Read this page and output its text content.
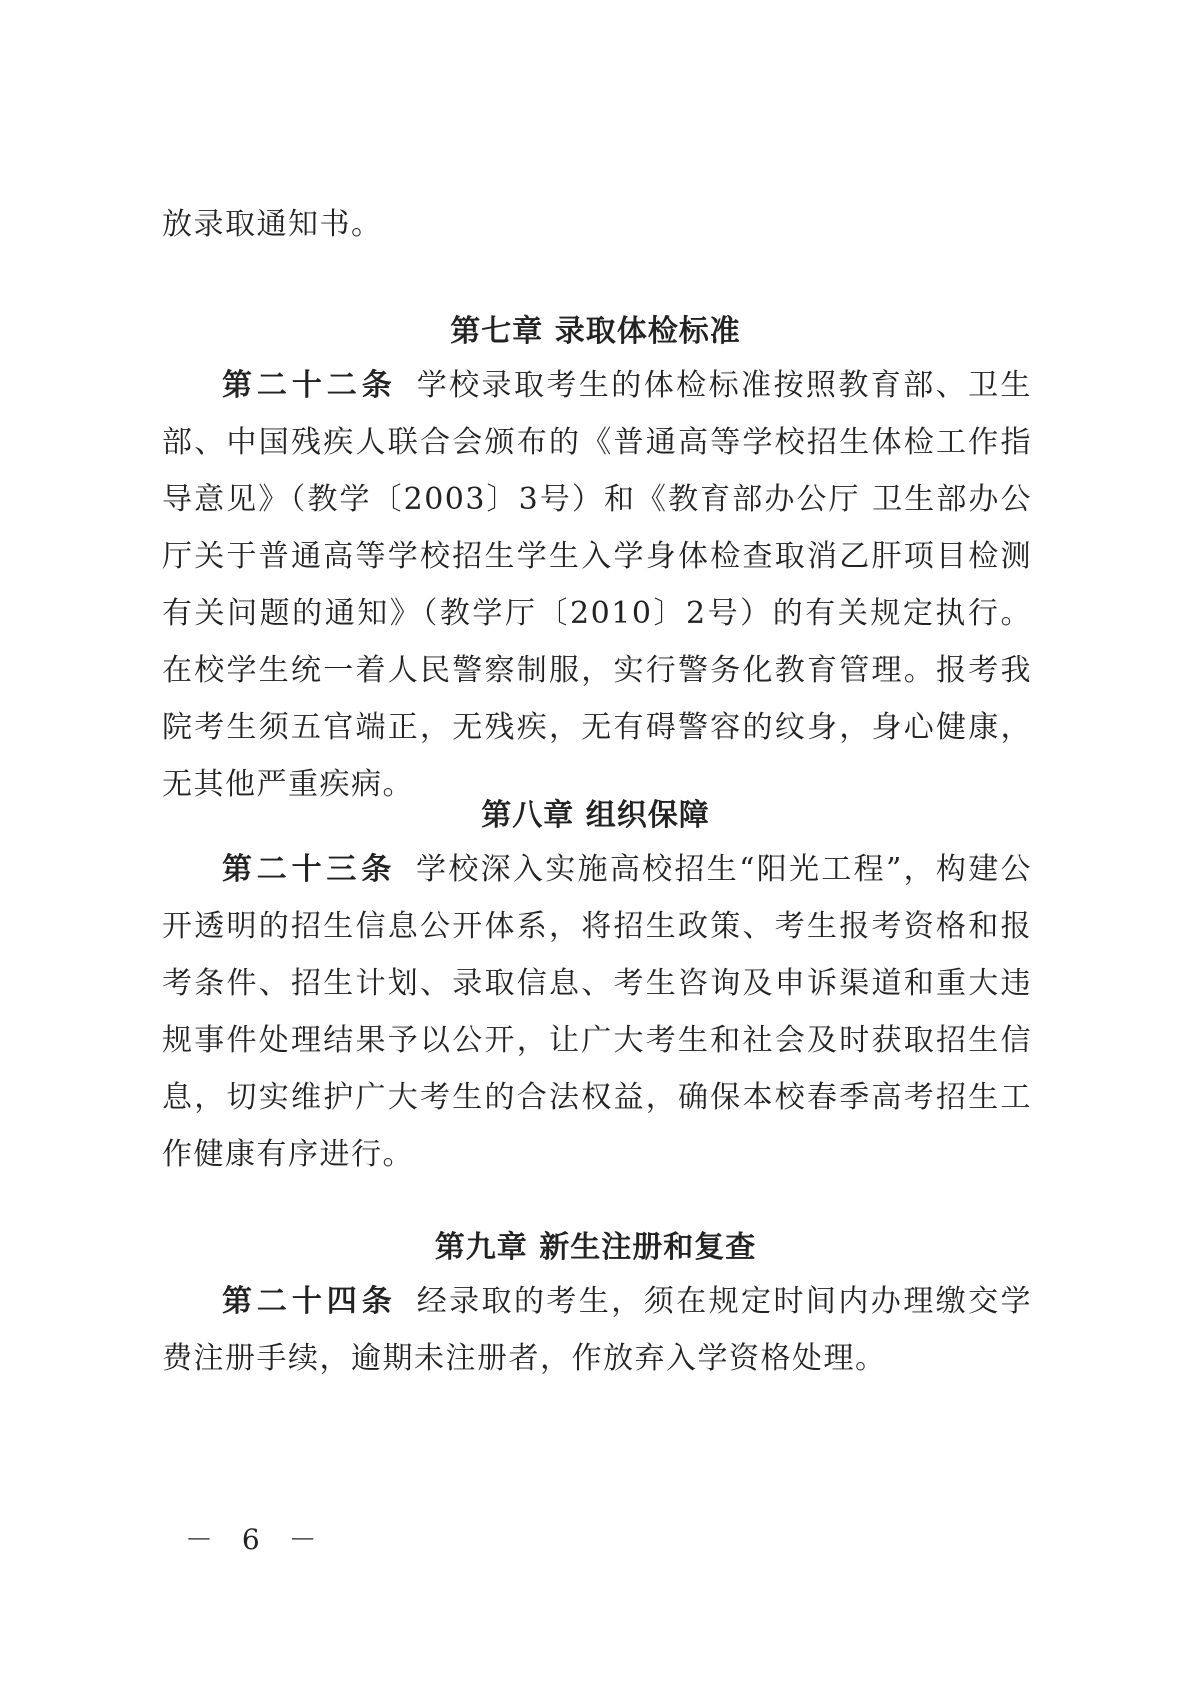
放录取通知书。

第七章 录取体检标准

第二十二条 学校录取考生的体检标准按照教育部、卫生部、中国残疾人联合会颁布的《普通高等学校招生体检工作指导意见》（教学〔2003〕3号）和《教育部办公厅 卫生部办公厅关于普通高等学校招生学生入学身体检查取消乙肝项目检测有关问题的通知》（教学厅〔2010〕2号）的有关规定执行。在校学生统一着人民警察制服，实行警务化教育管理。报考我院考生须五官端正，无残疾，无有碍警容的纹身，身心健康，无其他严重疾病。

第八章 组织保障

第二十三条 学校深入实施高校招生“阳光工程”，构建公开透明的招生信息公开体系，将招生政策、考生报考资格和报考条件、招生计划、录取信息、考生咨询及申诉渠道和重大违规事件处理结果予以公开，让广大考生和社会及时获取招生信息，切实维护广大考生的合法权益，确保本校春季高考招生工作健康有序进行。

第九章 新生注册和复查

第二十四条 经录取的考生，须在规定时间内办理缴交学费注册手续，逾期未注册者，作放弃入学资格处理。

－ 6 －
